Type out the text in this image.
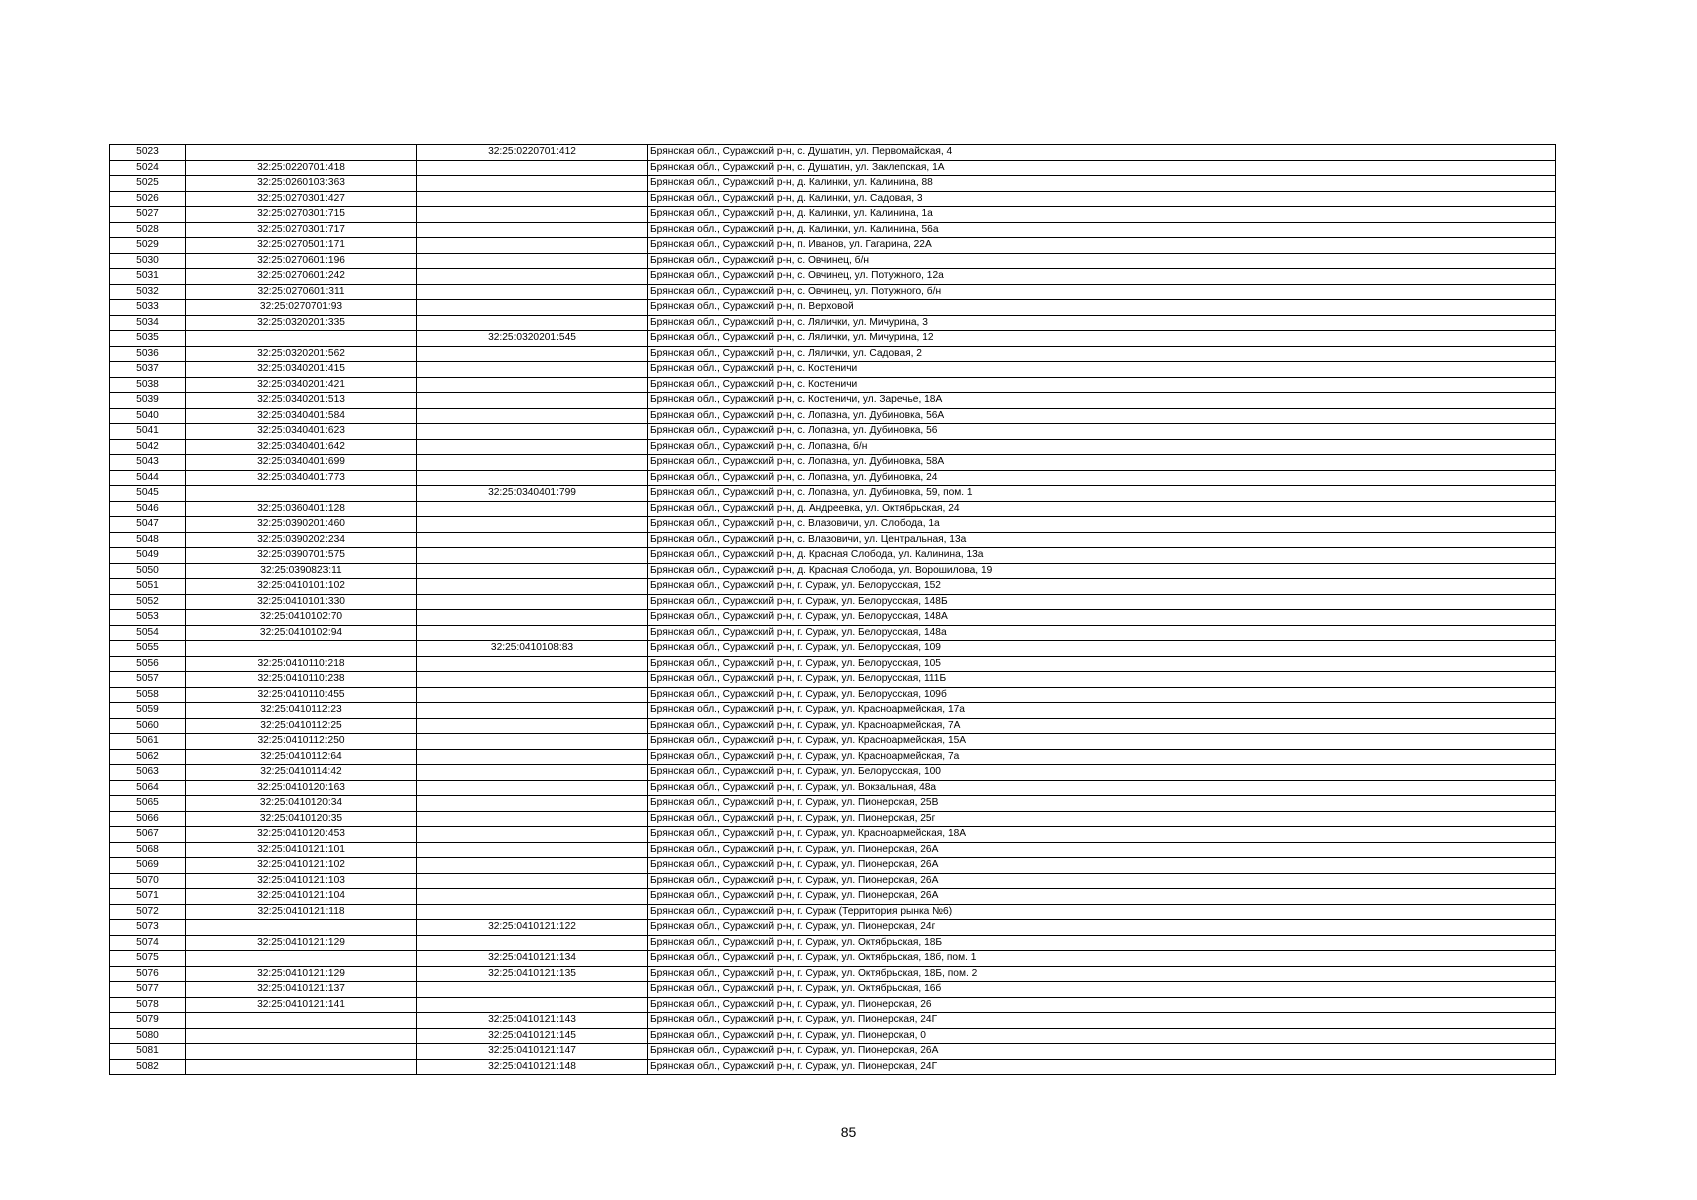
5023		32:25:0220701:412	Брянская обл., Суражский р-н, с. Душатин, ул. Первомайская, 4
5024	32:25:0220701:418		Брянская обл., Суражский р-н, с. Душатин, ул. Заклепская, 1А
5025	32:25:0260103:363		Брянская обл., Суражский р-н, д. Калинки, ул. Калинина, 88
5026	32:25:0270301:427		Брянская обл., Суражский р-н, д. Калинки, ул. Садовая, 3
5027	32:25:0270301:715		Брянская обл., Суражский р-н, д. Калинки, ул. Калинина, 1а
5028	32:25:0270301:717		Брянская обл., Суражский р-н, д. Калинки, ул. Калинина, 56а
5029	32:25:0270501:171		Брянская обл., Суражский р-н, п. Иванов, ул. Гагарина, 22А
5030	32:25:0270601:196		Брянская обл., Суражский р-н, с. Овчинец, б/н
5031	32:25:0270601:242		Брянская обл., Суражский р-н, с. Овчинец, ул. Потужного, 12а
5032	32:25:0270601:311		Брянская обл., Суражский р-н, с. Овчинец, ул. Потужного, б/н
5033	32:25:0270701:93		Брянская обл., Суражский р-н, п. Верховой
5034	32:25:0320201:335		Брянская обл., Суражский р-н, с. Лялички, ул. Мичурина, 3
5035		32:25:0320201:545	Брянская обл., Суражский р-н, с. Лялички, ул. Мичурина, 12
5036	32:25:0320201:562		Брянская обл., Суражский р-н, с. Лялички, ул. Садовая, 2
5037	32:25:0340201:415		Брянская обл., Суражский р-н, с. Костеничи
5038	32:25:0340201:421		Брянская обл., Суражский р-н, с. Костеничи
5039	32:25:0340201:513		Брянская обл., Суражский р-н, с. Костеничи, ул. Заречье, 18А
5040	32:25:0340401:584		Брянская обл., Суражский р-н, с. Лопазна, ул. Дубиновка, 56А
5041	32:25:0340401:623		Брянская обл., Суражский р-н, с. Лопазна, ул. Дубиновка, 56
5042	32:25:0340401:642		Брянская обл., Суражский р-н, с. Лопазна, б/н
5043	32:25:0340401:699		Брянская обл., Суражский р-н, с. Лопазна, ул. Дубиновка, 58А
5044	32:25:0340401:773		Брянская обл., Суражский р-н, с. Лопазна, ул. Дубиновка, 24
5045		32:25:0340401:799	Брянская обл., Суражский р-н, с. Лопазна, ул. Дубиновка, 59, пом. 1
5046	32:25:0360401:128		Брянская обл., Суражский р-н, д. Андреевка, ул. Октябрьская, 24
5047	32:25:0390201:460		Брянская обл., Суражский р-н, с. Влазовичи, ул. Слобода, 1а
5048	32:25:0390202:234		Брянская обл., Суражский р-н, с. Влазовичи, ул. Центральная, 13а
5049	32:25:0390701:575		Брянская обл., Суражский р-н, д. Красная Слобода, ул. Калинина, 13а
5050	32:25:0390823:11		Брянская обл., Суражский р-н, д. Красная Слобода, ул. Ворошилова, 19
5051	32:25:0410101:102		Брянская обл., Суражский р-н, г. Сураж, ул. Белорусская, 152
5052	32:25:0410101:330		Брянская обл., Суражский р-н, г. Сураж, ул. Белорусская, 148Б
5053	32:25:0410102:70		Брянская обл., Суражский р-н, г. Сураж, ул. Белорусская, 148А
5054	32:25:0410102:94		Брянская обл., Суражский р-н, г. Сураж, ул. Белорусская, 148а
5055		32:25:0410108:83	Брянская обл., Суражский р-н, г. Сураж, ул. Белорусская, 109
5056	32:25:0410110:218		Брянская обл., Суражский р-н, г. Сураж, ул. Белорусская, 105
5057	32:25:0410110:238		Брянская обл., Суражский р-н, г. Сураж, ул. Белорусская, 111Б
5058	32:25:0410110:455		Брянская обл., Суражский р-н, г. Сураж, ул. Белорусская, 109б
5059	32:25:0410112:23		Брянская обл., Суражский р-н, г. Сураж, ул. Красноармейская, 17а
5060	32:25:0410112:25		Брянская обл., Суражский р-н, г. Сураж, ул. Красноармейская, 7А
5061	32:25:0410112:250		Брянская обл., Суражский р-н, г. Сураж, ул. Красноармейская, 15А
5062	32:25:0410112:64		Брянская обл., Суражский р-н, г. Сураж, ул. Красноармейская, 7а
5063	32:25:0410114:42		Брянская обл., Суражский р-н, г. Сураж, ул. Белорусская, 100
5064	32:25:0410120:163		Брянская обл., Суражский р-н, г. Сураж, ул. Вокзальная, 48а
5065	32:25:0410120:34		Брянская обл., Суражский р-н, г. Сураж, ул. Пионерская, 25В
5066	32:25:0410120:35		Брянская обл., Суражский р-н, г. Сураж, ул. Пионерская, 25г
5067	32:25:0410120:453		Брянская обл., Суражский р-н, г. Сураж, ул. Красноармейская, 18А
5068	32:25:0410121:101		Брянская обл., Суражский р-н, г. Сураж, ул. Пионерская, 26А
5069	32:25:0410121:102		Брянская обл., Суражский р-н, г. Сураж, ул. Пионерская, 26А
5070	32:25:0410121:103		Брянская обл., Суражский р-н, г. Сураж, ул. Пионерская, 26А
5071	32:25:0410121:104		Брянская обл., Суражский р-н, г. Сураж, ул. Пионерская, 26А
5072	32:25:0410121:118		Брянская обл., Суражский р-н, г. Сураж (Территория рынка №6)
5073		32:25:0410121:122	Брянская обл., Суражский р-н, г. Сураж, ул. Пионерская, 24г
5074	32:25:0410121:129		Брянская обл., Суражский р-н, г. Сураж, ул. Октябрьская, 18Б
5075		32:25:0410121:134	Брянская обл., Суражский р-н, г. Сураж, ул. Октябрьская, 18б, пом. 1
5076	32:25:0410121:129	32:25:0410121:135	Брянская обл., Суражский р-н, г. Сураж, ул. Октябрьская, 18Б, пом. 2
5077	32:25:0410121:137		Брянская обл., Суражский р-н, г. Сураж, ул. Октябрьская, 16б
5078	32:25:0410121:141		Брянская обл., Суражский р-н, г. Сураж, ул. Пионерская, 26
5079		32:25:0410121:143	Брянская обл., Суражский р-н, г. Сураж, ул. Пионерская, 24Г
5080		32:25:0410121:145	Брянская обл., Суражский р-н, г. Сураж, ул. Пионерская, 0
5081		32:25:0410121:147	Брянская обл., Суражский р-н, г. Сураж, ул. Пионерская, 26А
5082		32:25:0410121:148	Брянская обл., Суражский р-н, г. Сураж, ул. Пионерская, 24Г
85
